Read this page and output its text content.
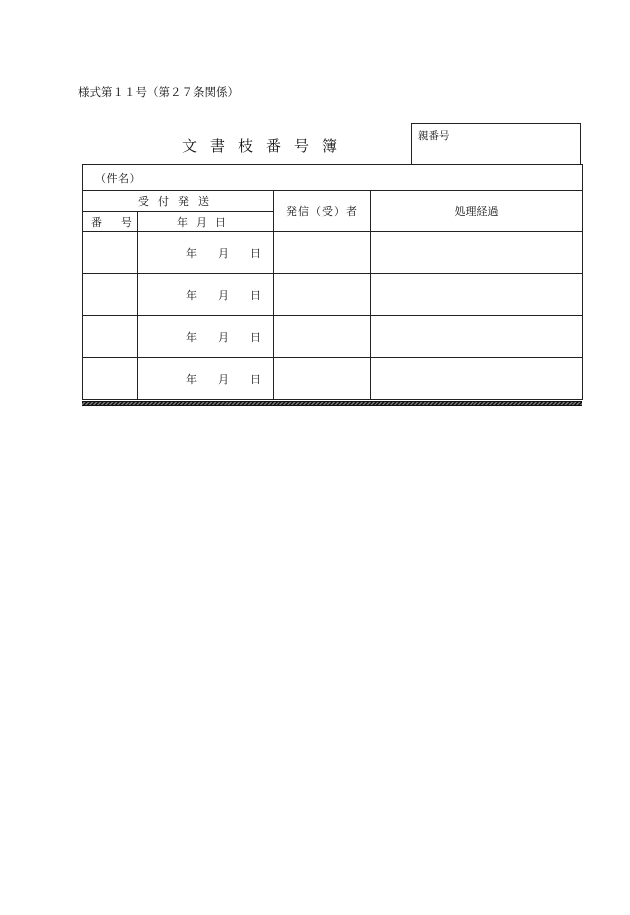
様式第１１号（第２７条関係）
文書枝番号簿
親番号
（件名）			
受付発送		発信（受）者	処理経過
番 号	年月日		
	年 月 日		
	年 月 日		
	年 月 日		
	年 月 日		
